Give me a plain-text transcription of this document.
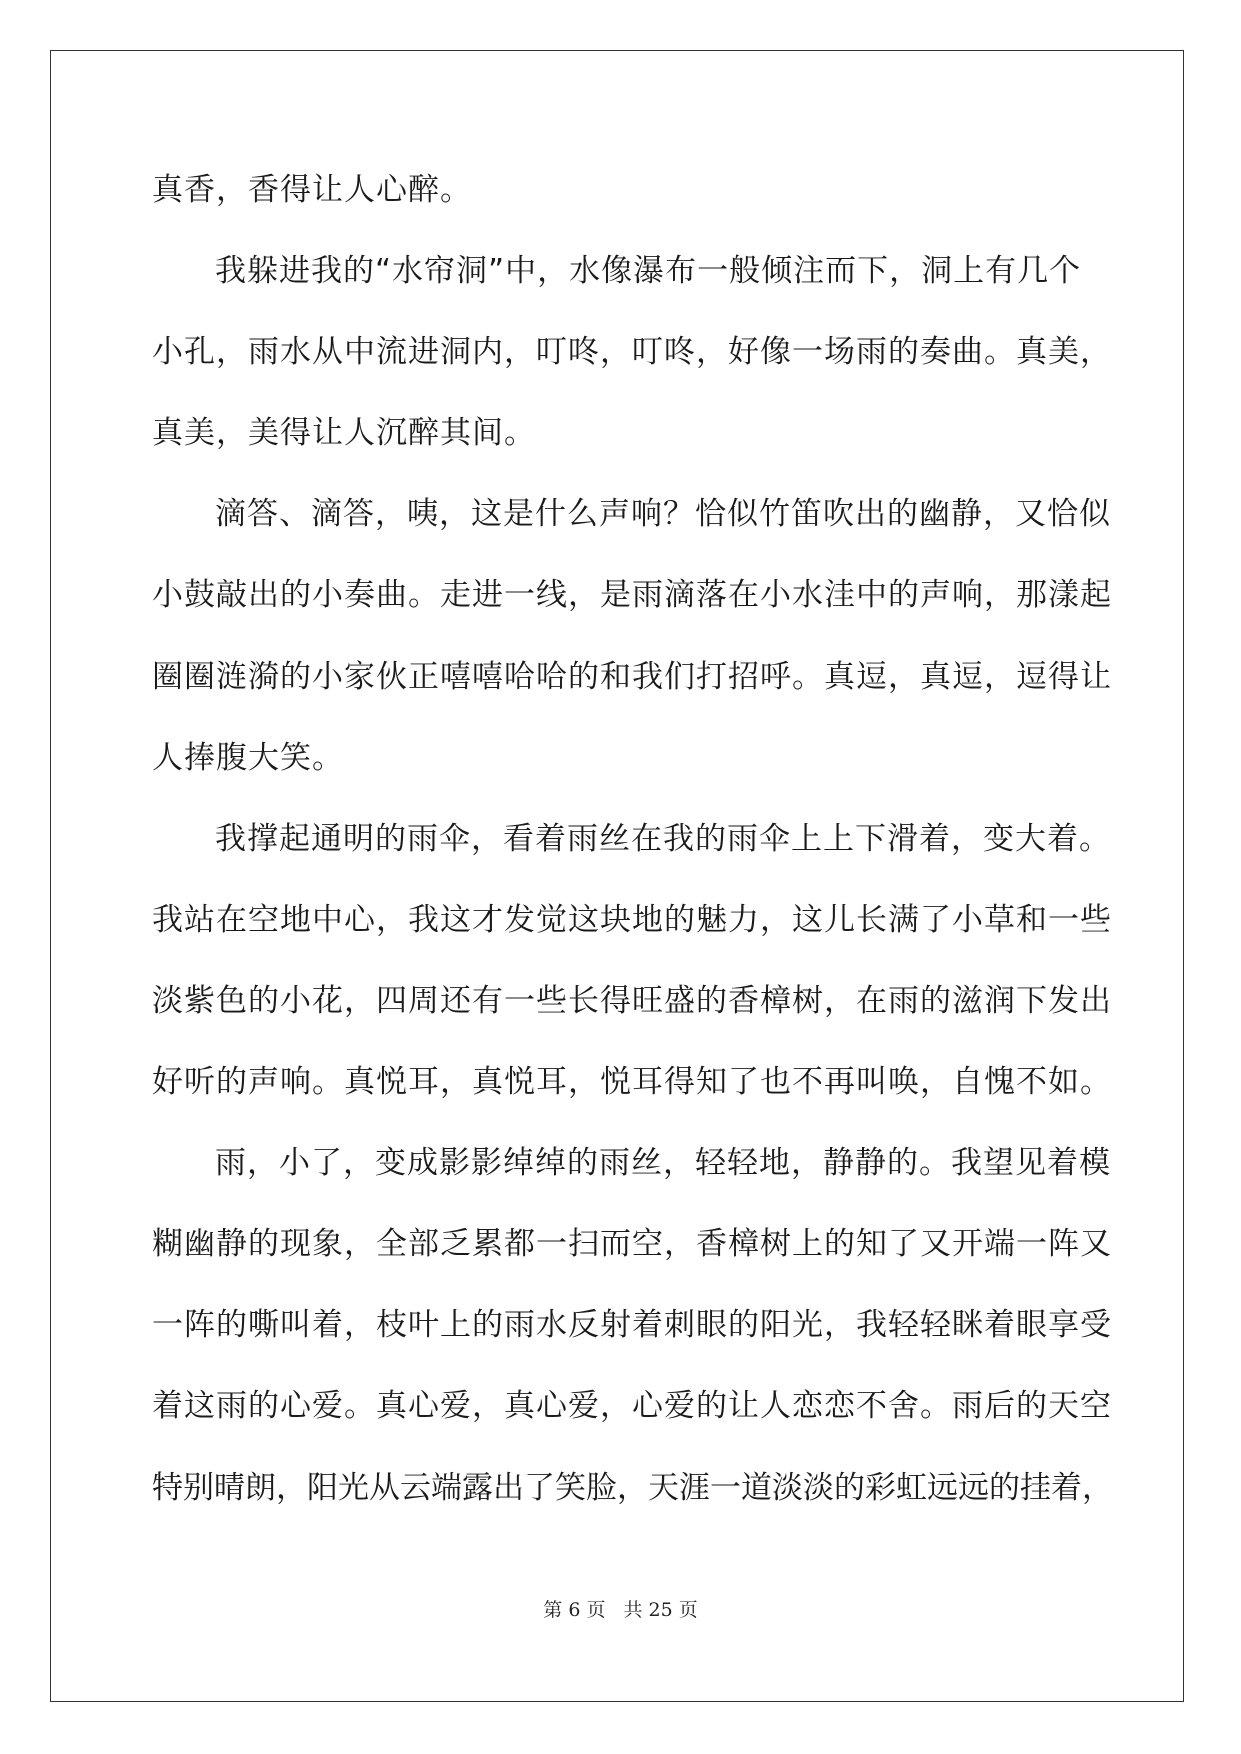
真香，香得让人心醉。
我躲进我的“水帘洞”中，水像瀑布一般倾注而下，洞上有几个
小孔，雨水从中流进洞内，叮咚，叮咚，好像一场雨的奏曲。真美，
真美，美得让人沉醉其间。
滴答、滴答，咦，这是什么声响？恰似竹笛吹出的幽静，又恰似
小鼓敲出的小奏曲。走进一线，是雨滴落在小水洼中的声响，那漾起
圈圈涟漪的小家伙正嘻嘻哈哈的和我们打招呼。真逗，真逗，逗得让
人捧腹大笑。
我撑起通明的雨伞，看着雨丝在我的雨伞上上下滑着，变大着。
我站在空地中心，我这才发觉这块地的魅力，这儿长满了小草和一些
淡紫色的小花，四周还有一些长得旺盛的香樟树，在雨的滋润下发出
好听的声响。真悦耳，真悦耳，悦耳得知了也不再叫唤，自愧不如。
雨，小了，变成影影绰绰的雨丝，轻轻地，静静的。我望见着模
糊幽静的现象，全部乏累都一扫而空，香樟树上的知了又开端一阵又
一阵的嘶叫着，枝叶上的雨水反射着刺眼的阳光，我轻轻眯着眼享受
着这雨的心爱。真心爱，真心爱，心爱的让人恋恋不舍。雨后的天空
特别晴朗，阳光从云端露出了笑脸，天涯一道淡淡的彩虹远远的挂着，
第 6 页 共 25 页
